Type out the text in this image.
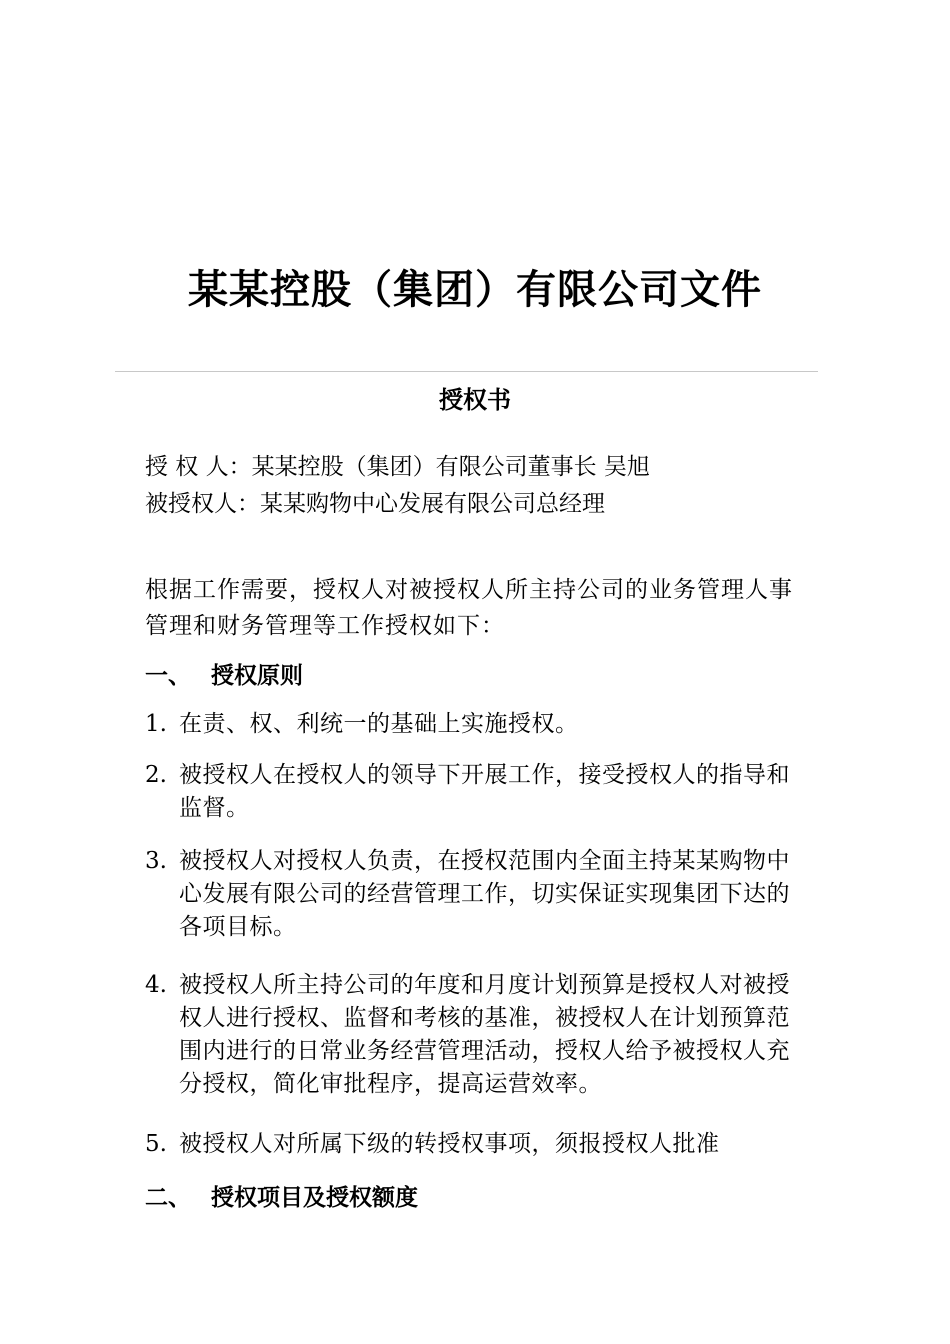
某某控股（集团）有限公司文件
授权书
授 权 人：某某控股（集团）有限公司董事长 吴旭
被授权人：某某购物中心发展有限公司总经理
根据工作需要，授权人对被授权人所主持公司的业务管理人事管理和财务管理等工作授权如下：
一、 授权原则
1. 在责、权、利统一的基础上实施授权。
2. 被授权人在授权人的领导下开展工作，接受授权人的指导和监督。
3. 被授权人对授权人负责，在授权范围内全面主持某某购物中心发展有限公司的经营管理工作，切实保证实现集团下达的各项目标。
4. 被授权人所主持公司的年度和月度计划预算是授权人对被授权人进行授权、监督和考核的基准，被授权人在计划预算范围内进行的日常业务经营管理活动，授权人给予被授权人充分授权，简化审批程序，提高运营效率。
5. 被授权人对所属下级的转授权事项，须报授权人批准
二、 授权项目及授权额度
